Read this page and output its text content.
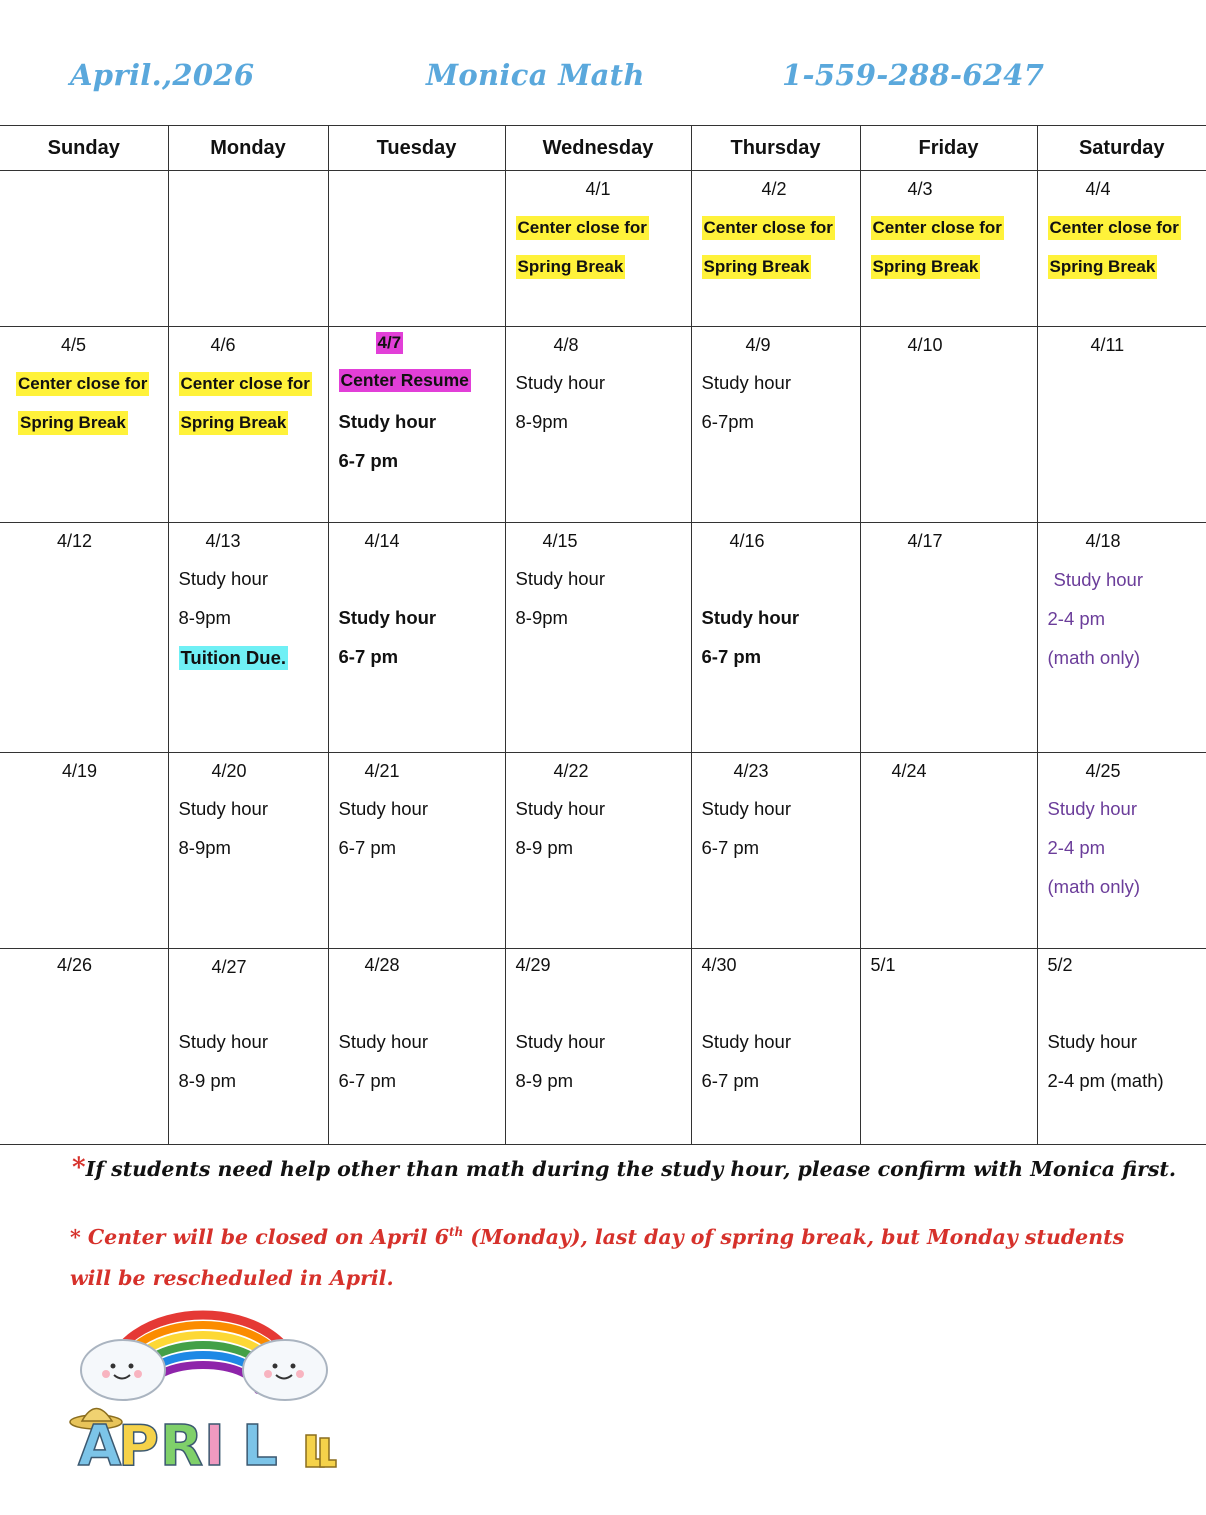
April.,2026	Monica Math	1-559-288-6247
Sunday	Monday	Tuesday	Wednesday	Thursday	Friday	Saturday

			4/1
Center close for
Spring Break	4/2
Center close for
Spring Break	4/3
Center close for
Spring Break	4/4
Center close for
Spring Break

4/5
Center close for
Spring Break	4/6
Center close for
Spring Break	4/7
Center Resume
Study hour
6-7 pm	4/8
Study hour
8-9pm	4/9
Study hour
6-7pm	4/10	4/11

4/12	4/13
Study hour
8-9pm
Tuition Due.	4/14
Study hour
6-7 pm	4/15
Study hour
8-9pm	4/16
Study hour
6-7 pm	4/17	4/18
Study hour
2-4 pm
(math only)

4/19	4/20
Study hour
8-9pm	4/21
Study hour
6-7 pm	4/22
Study hour
8-9 pm	4/23
Study hour
6-7 pm	4/24	4/25
Study hour
2-4 pm
(math only)

4/26	4/27
Study hour
8-9 pm	4/28
Study hour
6-7 pm	4/29
Study hour
8-9 pm	4/30
Study hour
6-7 pm	5/1	5/2
Study hour
2-4 pm (math)
*If students need help other than math during the study hour, please confirm with Monica first.
* Center will be closed on April 6th (Monday), last day of spring break, but Monday students will be rescheduled in April.
A
P R I L
